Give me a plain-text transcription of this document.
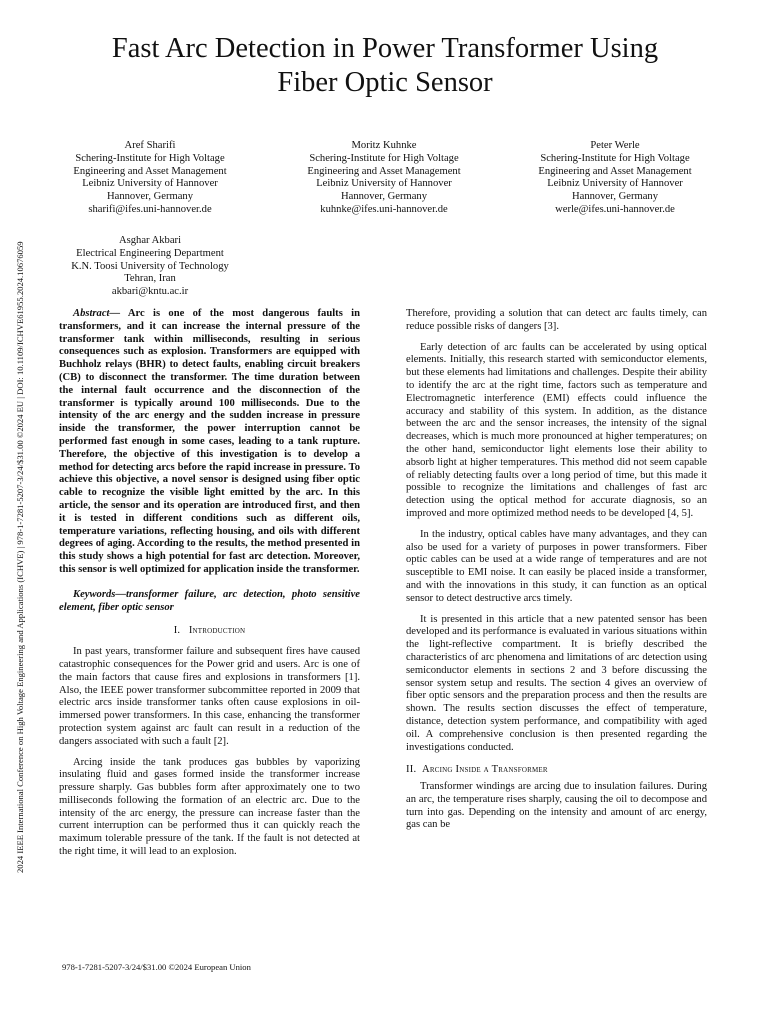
2024 IEEE International Conference on High Voltage Engineering and Applications (ICHVE) | 978-1-7281-5207-3/24/$31.00 ©2024 EU | DOI: 10.1109/ICHVE61955.2024.10676059
Fast Arc Detection in Power Transformer Using
Fiber Optic Sensor
Aref Sharifi
Schering-Institute for High Voltage
Engineering and Asset Management
Leibniz University of Hannover
Hannover, Germany
sharifi@ifes.uni-hannover.de
Moritz Kuhnke
Schering-Institute for High Voltage
Engineering and Asset Management
Leibniz University of Hannover
Hannover, Germany
kuhnke@ifes.uni-hannover.de
Peter Werle
Schering-Institute for High Voltage
Engineering and Asset Management
Leibniz University of Hannover
Hannover, Germany
werle@ifes.uni-hannover.de
Asghar Akbari
Electrical Engineering Department
K.N. Toosi University of Technology
Tehran, Iran
akbari@kntu.ac.ir

Abstract— Arc is one of the most dangerous faults in transformers, and it can increase the internal pressure of the transformer tank within milliseconds, resulting in serious consequences such as explosion. Transformers are equipped with Buchholz relays (BHR) to detect faults, enabling circuit breakers (CB) to disconnect the transformer. The time duration between the internal fault occurrence and the disconnection of the transformer is typically around 100 milliseconds. Due to the intensity of the arc energy and the sudden increase in pressure inside the transformer, the power interruption cannot be performed fast enough in some cases, leading to a tank rupture. Therefore, the objective of this investigation is to develop a method for detecting arcs before the rapid increase in pressure. To achieve this objective, a novel sensor is designed using fiber optic cable to recognize the visible light emitted by the arc. In this article, the sensor and its operation are introduced first, and then it is tested in different conditions such as different oils, temperature variations, reflecting housing, and oils with different degrees of aging. According to the results, the method presented in this study shows a high potential for fast arc detection. Moreover, this sensor is well optimized for application inside the transformer.

Keywords—transformer failure, arc detection, photo sensitive element, fiber optic sensor

I. Introduction

In past years, transformer failure and subsequent fires have caused catastrophic consequences for the Power grid and users. Arc is one of the main factors that cause fires and explosions in transformers [1]. Also, the IEEE power transformer subcommittee reported in 2009 that electric arcs inside transformer tanks often cause explosions in oil-immersed power transformers. In this case, enhancing the transformer protection system against arc fault can result in a reduction of the dangers associated with such a fault [2].

Arcing inside the tank produces gas bubbles by vaporizing insulating fluid and gases formed inside the transformer increase pressure sharply. Gas bubbles form after approximately one to two milliseconds following the formation of an electric arc. Due to the intensity of the arc energy, the pressure can increase faster than the current interruption can be performed thus it can quickly reach the maximum tolerable pressure of the tank. If the fault is not detected at the right time, it will lead to an explosion.

Therefore, providing a solution that can detect arc faults timely, can reduce possible risks of dangers [3].

Early detection of arc faults can be accelerated by using optical elements. Initially, this research started with semiconductor elements, but these elements had limitations and challenges. Despite their ability to identify the arc at the right time, factors such as temperature and Electromagnetic interference (EMI) effects could influence the accuracy and stability of this system. In addition, as the distance between the arc and the sensor increases, the intensity of the signal decreases, which is much more pronounced at higher temperatures; on the other hand, semiconductor light elements lose their ability to absorb light at higher temperatures. This method did not seem capable of reliably detecting faults over a long period of time, but this made it possible to recognize the limitations and challenges of fast arc detection using the optical method for accurate diagnosis, so an improved and more optimized method needs to be developed [4, 5].

In the industry, optical cables have many advantages, and they can also be used for a variety of purposes in power transformers. Fiber optic cables can be used at a wide range of temperatures and are not susceptible to EMI noise. It can easily be placed inside a transformer, and with the innovations in this study, it can function as an optical sensor to detect destructive arcs timely.

It is presented in this article that a new patented sensor has been developed and its performance is evaluated in various situations within the light-reflective compartment. It is briefly described the characteristics of arc phenomena and limitations of arc detection using semiconductor elements in sections 2 and 3 before discussing the sensor system setup and results. The section 4 gives an overview of fiber optic sensors and the preparation process and then the results are shown. The results section discusses the effect of temperature, distance, detection system performance, and compatibility with aged oil. A comprehensive conclusion is then presented regarding the investigations conducted.

II. Arcing Inside a Transformer

Transformer windings are arcing due to insulation failures. During an arc, the temperature rises sharply, causing the oil to decompose and turn into gas. Depending on the intensity and amount of arc energy, gas can be

978-1-7281-5207-3/24/$31.00 ©2024 European Union
